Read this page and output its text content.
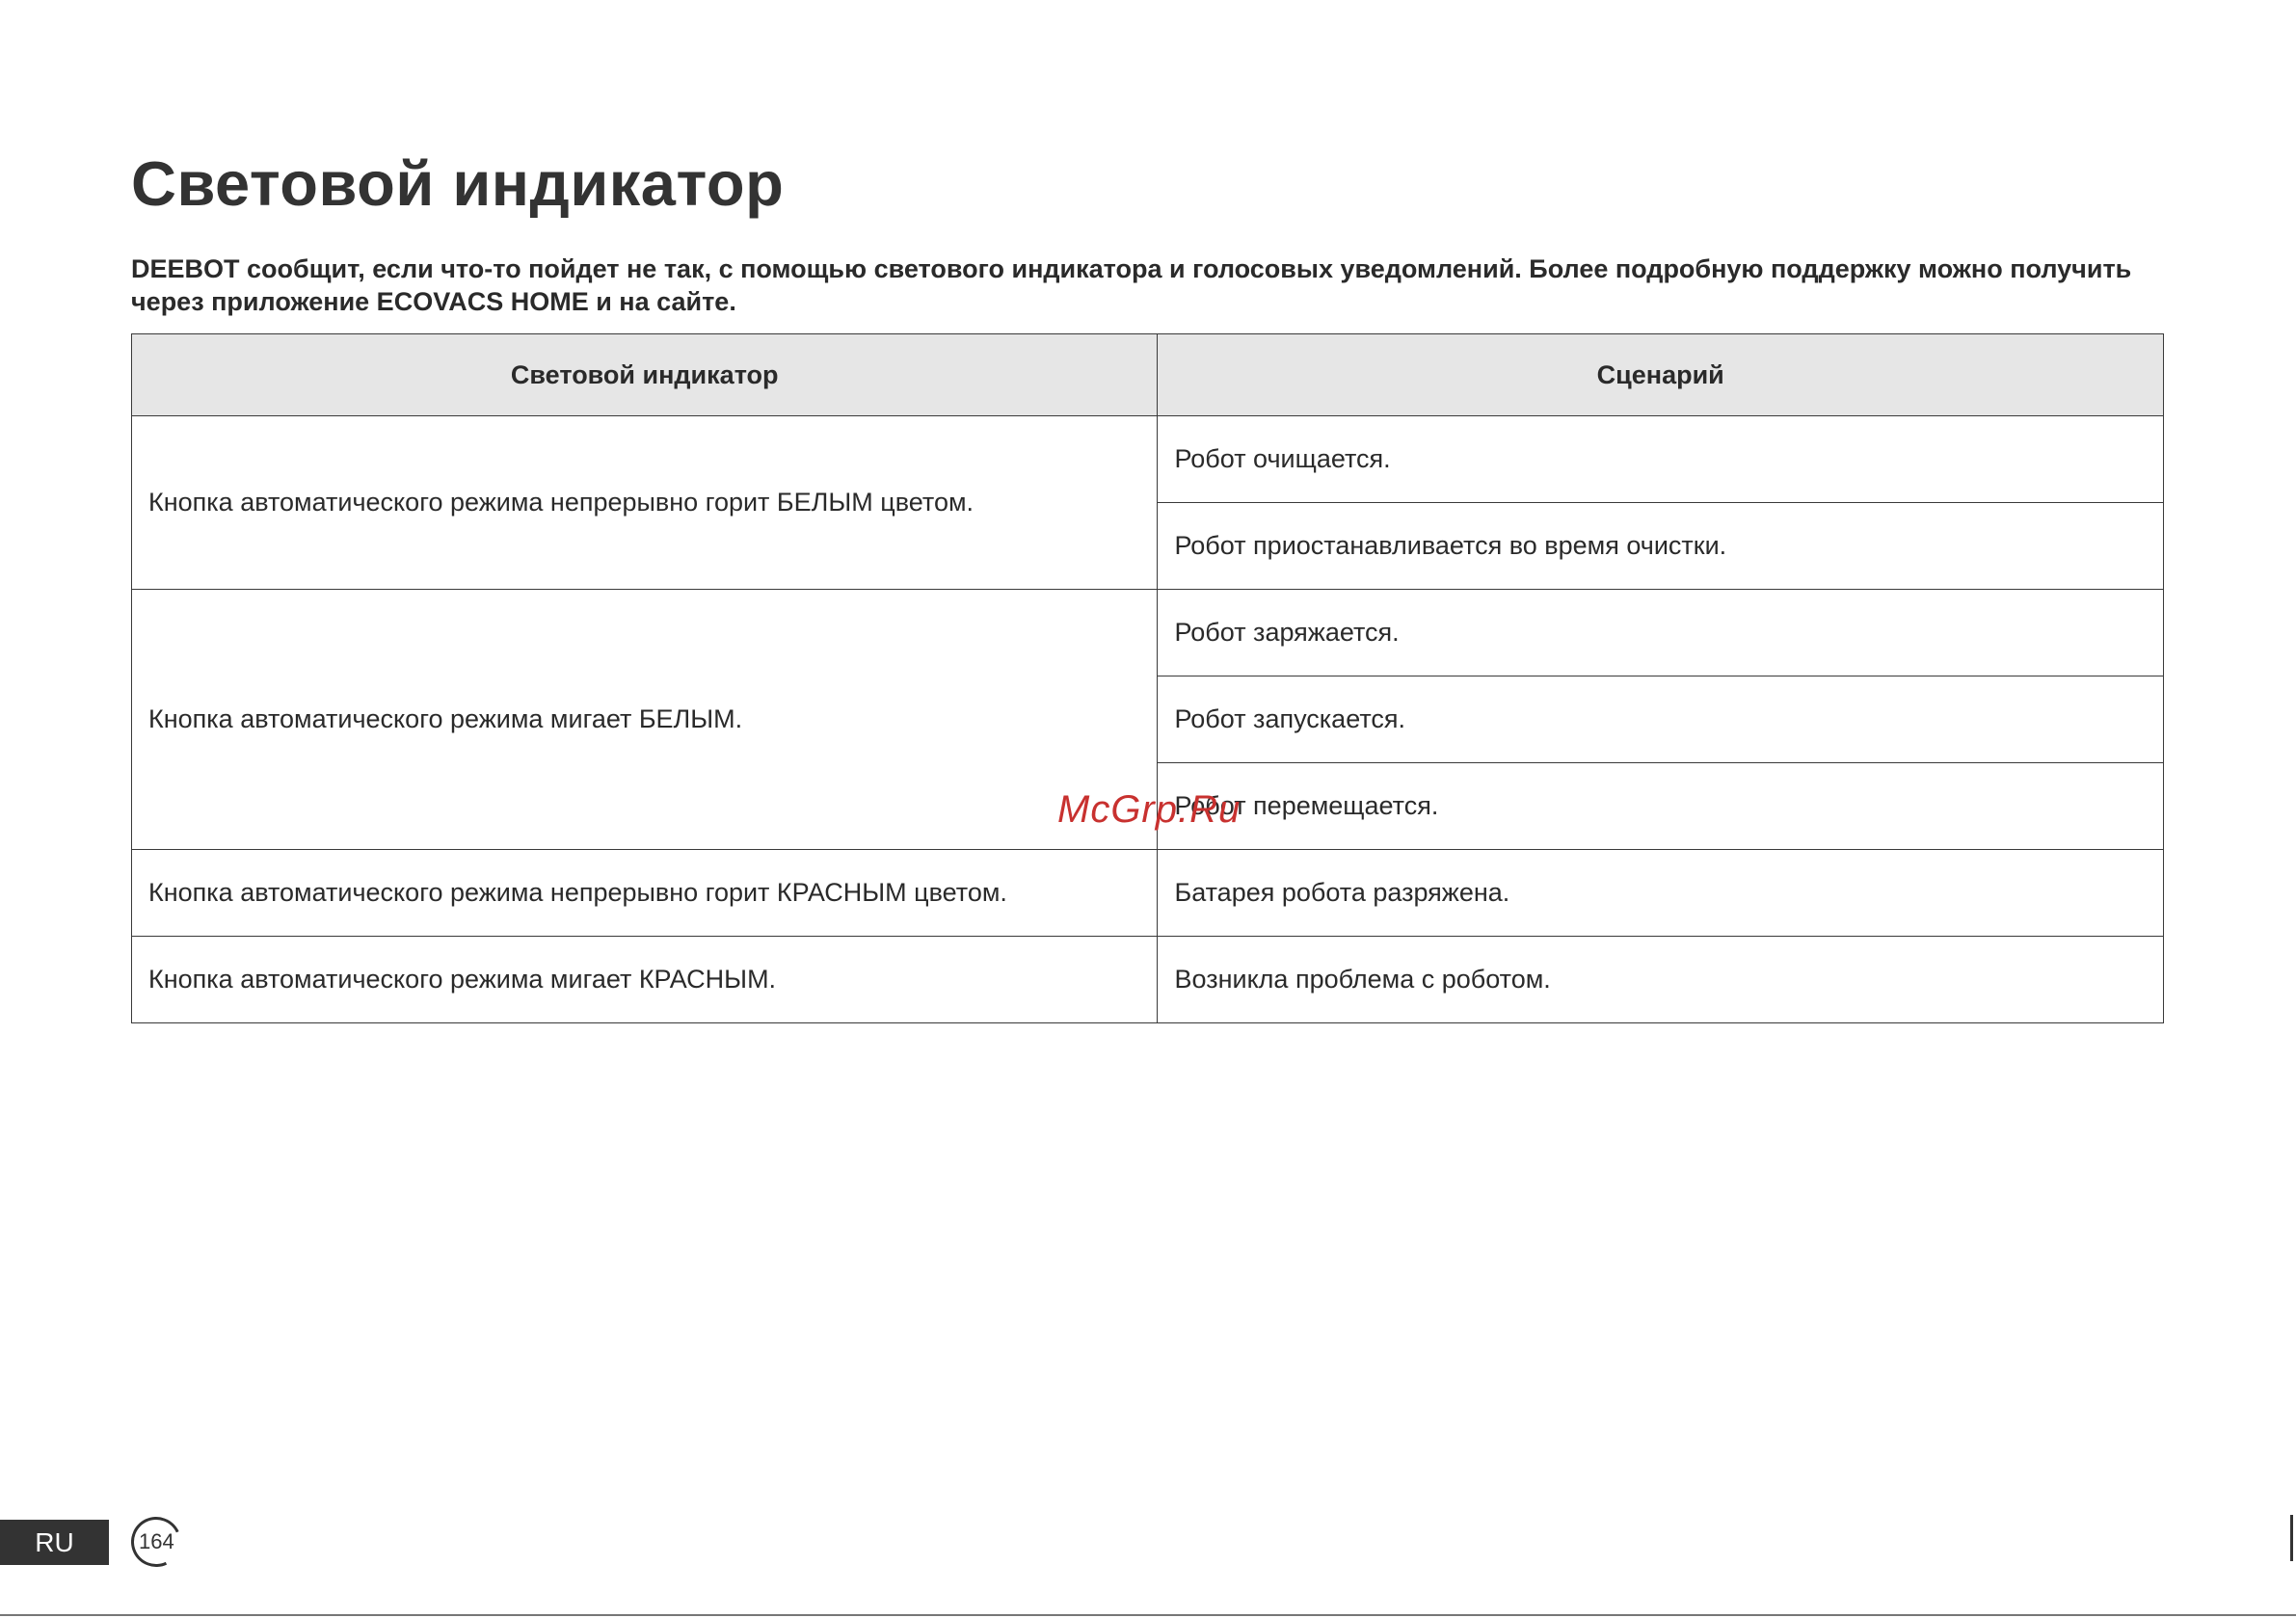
Световой индикатор

DEEBOT сообщит, если что-то пойдет не так, с помощью светового индикатора и голосовых уведомлений. Более подробную поддержку можно получить через приложение ECOVACS HOME и на сайте.

Световой индикатор	Сценарий
Кнопка автоматического режима непрерывно горит БЕЛЫМ цветом.	Робот очищается.
	Робот приостанавливается во время очистки.
Кнопка автоматического режима мигает БЕЛЫМ.	Робот заряжается.
	Робот запускается.
	Робот перемещается.
Кнопка автоматического режима непрерывно горит КРАСНЫМ цветом.	Батарея робота разряжена.
Кнопка автоматического режима мигает КРАСНЫМ.	Возникла проблема с роботом.
McGrp.Ru
RU	164
